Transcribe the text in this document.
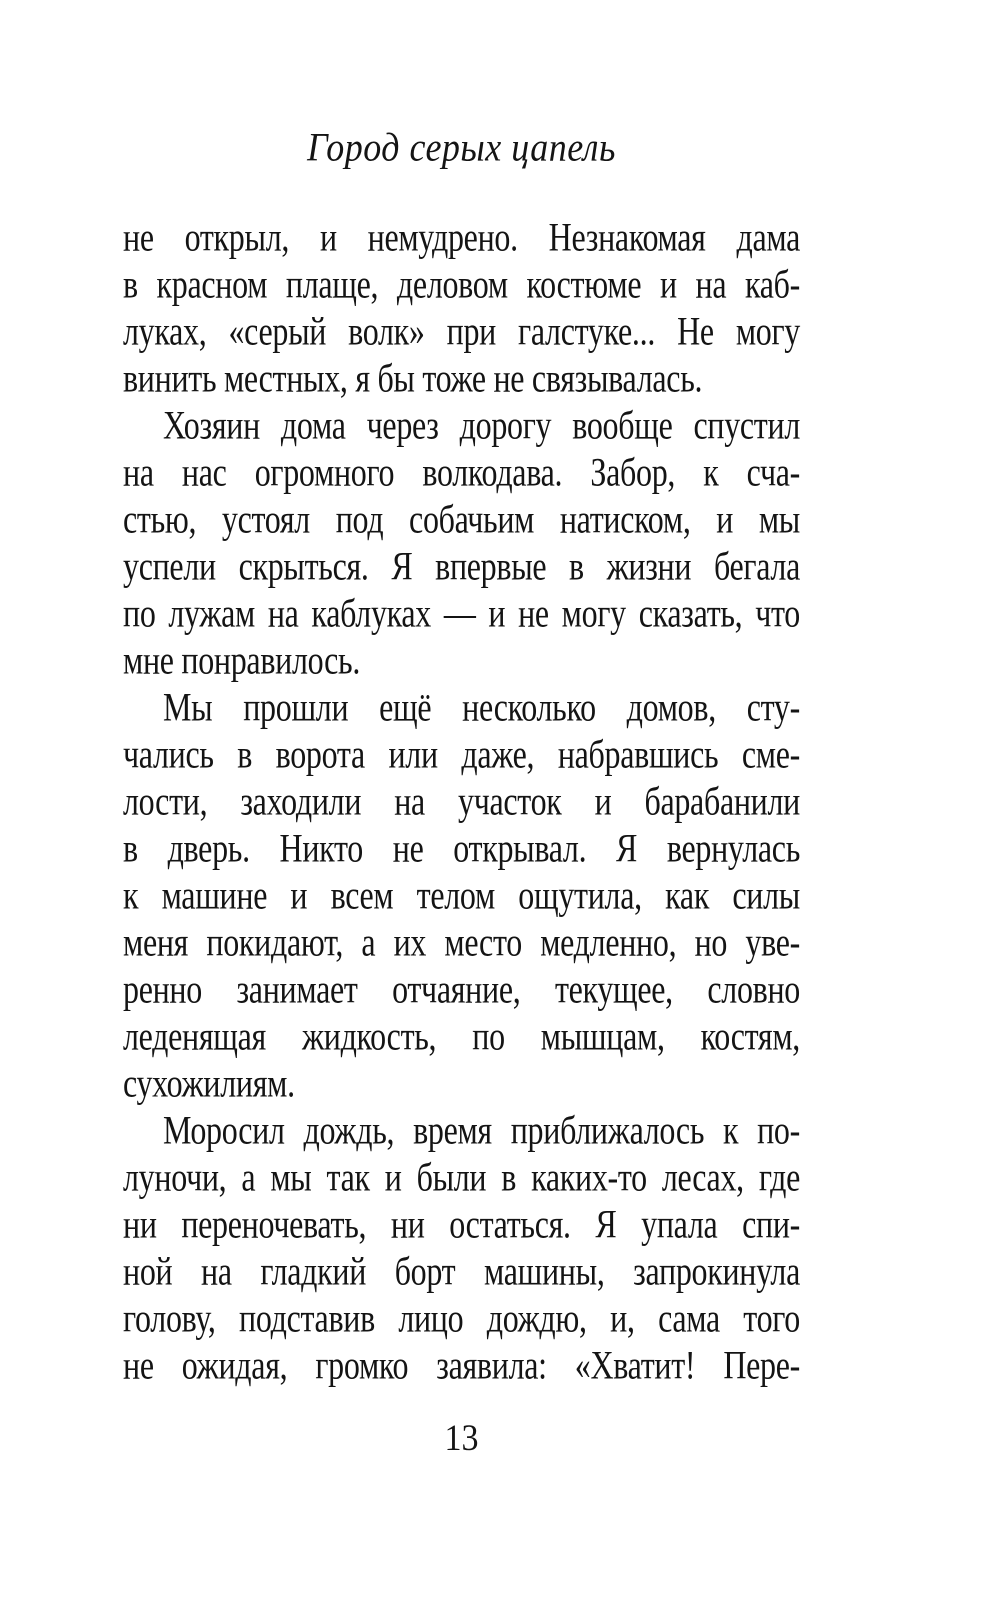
Город серых цапель
не открыл, и немудрено. Незнакомая дама
в красном плаще, деловом костюме и на каб-
луках, «серый волк» при галстуке... Не могу
винить местных, я бы тоже не связывалась.
Хозяин дома через дорогу вообще спустил
на нас огромного волкодава. Забор, к сча-
стью, устоял под собачьим натиском, и мы
успели скрыться. Я впервые в жизни бегала
по лужам на каблуках — и не могу сказать, что
мне понравилось.
Мы прошли ещё несколько домов, сту-
чались в ворота или даже, набравшись сме-
лости, заходили на участок и барабанили
в дверь. Никто не открывал. Я вернулась
к машине и всем телом ощутила, как силы
меня покидают, а их место медленно, но уве-
ренно занимает отчаяние, текущее, словно
леденящая жидкость, по мышцам, костям,
сухожилиям.
Моросил дождь, время приближалось к по-
луночи, а мы так и были в каких-то лесах, где
ни переночевать, ни остаться. Я упала спи-
ной на гладкий борт машины, запрокинула
голову, подставив лицо дождю, и, сама того
не ожидая, громко заявила: «Хватит! Пере-
13
